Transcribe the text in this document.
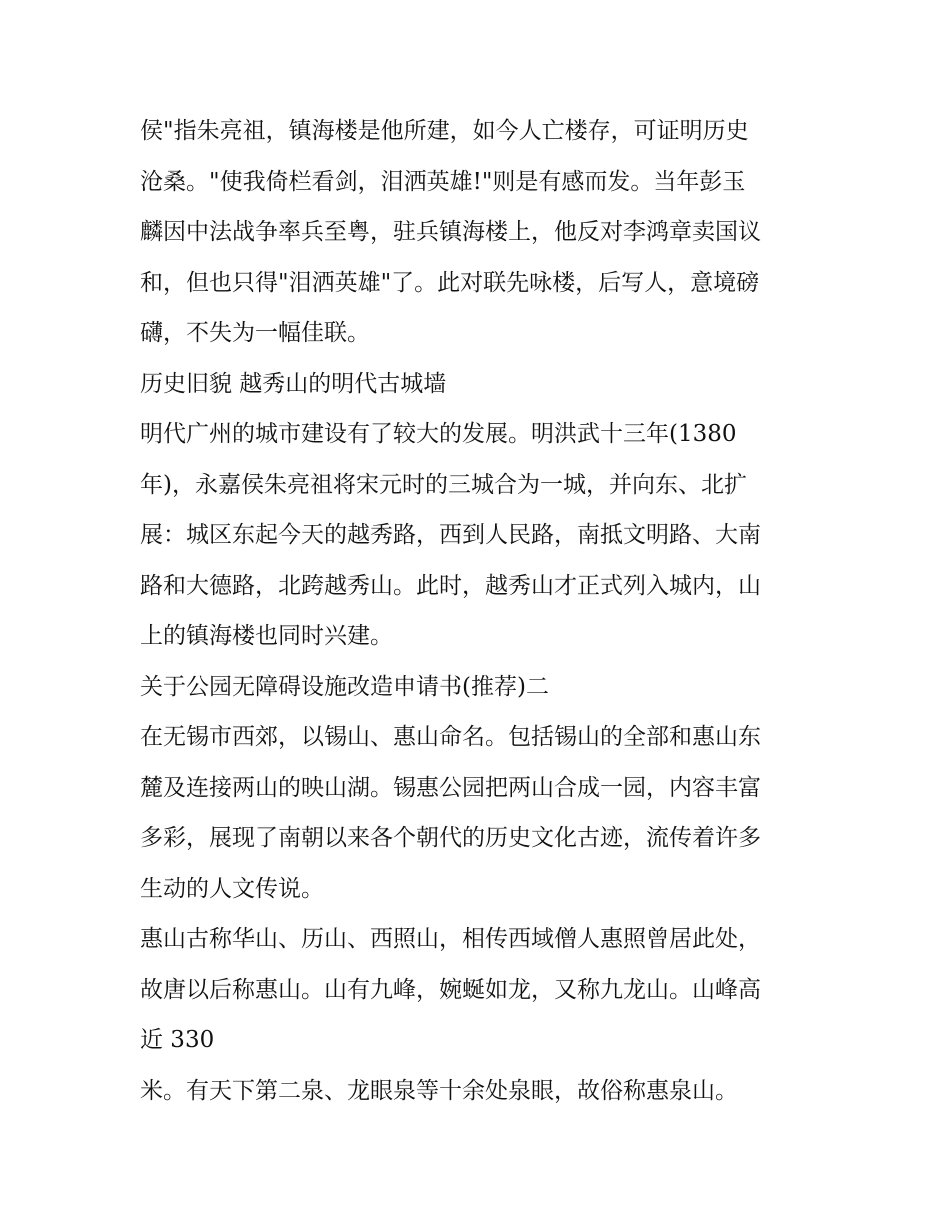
侯"指朱亮祖，镇海楼是他所建，如今人亡楼存，可证明历史
沧桑。"使我倚栏看剑，泪洒英雄!"则是有感而发。当年彭玉
麟因中法战争率兵至粤，驻兵镇海楼上，他反对李鸿章卖国议
和，但也只得"泪洒英雄"了。此对联先咏楼，后写人，意境磅
礴，不失为一幅佳联。
历史旧貌 越秀山的明代古城墙
明代广州的城市建设有了较大的发展。明洪武十三年(1380
年)，永嘉侯朱亮祖将宋元时的三城合为一城，并向东、北扩
展：城区东起今天的越秀路，西到人民路，南抵文明路、大南
路和大德路，北跨越秀山。此时，越秀山才正式列入城内，山
上的镇海楼也同时兴建。
关于公园无障碍设施改造申请书(推荐)二
在无锡市西郊，以锡山、惠山命名。包括锡山的全部和惠山东
麓及连接两山的映山湖。锡惠公园把两山合成一园，内容丰富
多彩，展现了南朝以来各个朝代的历史文化古迹，流传着许多
生动的人文传说。
惠山古称华山、历山、西照山，相传西域僧人惠照曾居此处，
故唐以后称惠山。山有九峰，婉蜒如龙，又称九龙山。山峰高
近 330
米。有天下第二泉、龙眼泉等十余处泉眼，故俗称惠泉山。
